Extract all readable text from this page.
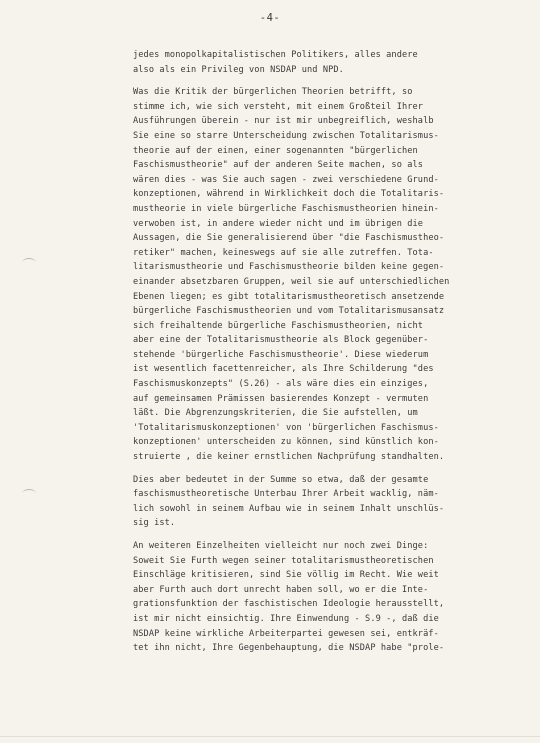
-4-
jedes monopolkapitalistischen Politikers, alles andere
also als ein Privileg von NSDAP und NPD.
Was die Kritik der bürgerlichen Theorien betrifft, so
stimme ich, wie sich versteht, mit einem Großteil Ihrer
Ausführungen überein - nur ist mir unbegreiflich, weshalb
Sie eine so starre Unterscheidung zwischen Totalitarismus-
theorie auf der einen, einer sogenannten "bürgerlichen
Faschismustheorie" auf der anderen Seite machen, so als
wären dies - was Sie auch sagen - zwei verschiedene Grund-
konzeptionen, während in Wirklichkeit doch die Totalitaris-
mustheorie in viele bürgerliche Faschismustheorien hinein-
verwoben ist, in andere wieder nicht und im übrigen die
Aussagen, die Sie generalisierend über "die Faschismustheo-
retiker" machen, keineswegs auf sie alle zutreffen. Tota-
litarismustheorie und Faschismustheorie bilden keine gegen-
einander absetzbaren Gruppen, weil sie auf unterschiedlichen
Ebenen liegen; es gibt totalitarismustheoretisch ansetzende
bürgerliche Faschismustheorien und vom Totalitarismusansatz
sich freihaltende bürgerliche Faschismustheorien, nicht
aber eine der Totalitarismustheorie als Block gegenüber-
stehende 'bürgerliche Faschismustheorie'. Diese wiederum
ist wesentlich facettenreicher, als Ihre Schilderung "des
Faschismuskonzepts" (S.26) - als wäre dies ein einziges,
auf gemeinsamen Prämissen basierendes Konzept - vermuten
läßt. Die Abgrenzungskriterien, die Sie aufstellen, um
'Totalitarismuskonzeptionen' von 'bürgerlichen Faschismus-
konzeptionen' unterscheiden zu können, sind künstlich kon-
struierte , die keiner ernstlichen Nachprüfung standhalten.
Dies aber bedeutet in der Summe so etwa, daß der gesamte
faschismustheoretische Unterbau Ihrer Arbeit wacklig, näm-
lich sowohl in seinem Aufbau wie in seinem Inhalt unschlüs-
sig ist.
An weiteren Einzelheiten vielleicht nur noch zwei Dinge:
Soweit Sie Furth wegen seiner totalitarismustheoretischen
Einschläge kritisieren, sind Sie völlig im Recht. Wie weit
aber Furth auch dort unrecht haben soll, wo er die Inte-
grationsfunktion der faschistischen Ideologie herausstellt,
ist mir nicht einsichtig. Ihre Einwendung - S.9 -, daß die
NSDAP keine wirkliche Arbeiterpartei gewesen sei, entkräf-
tet ihn nicht, Ihre Gegenbehauptung, die NSDAP habe "prole-
